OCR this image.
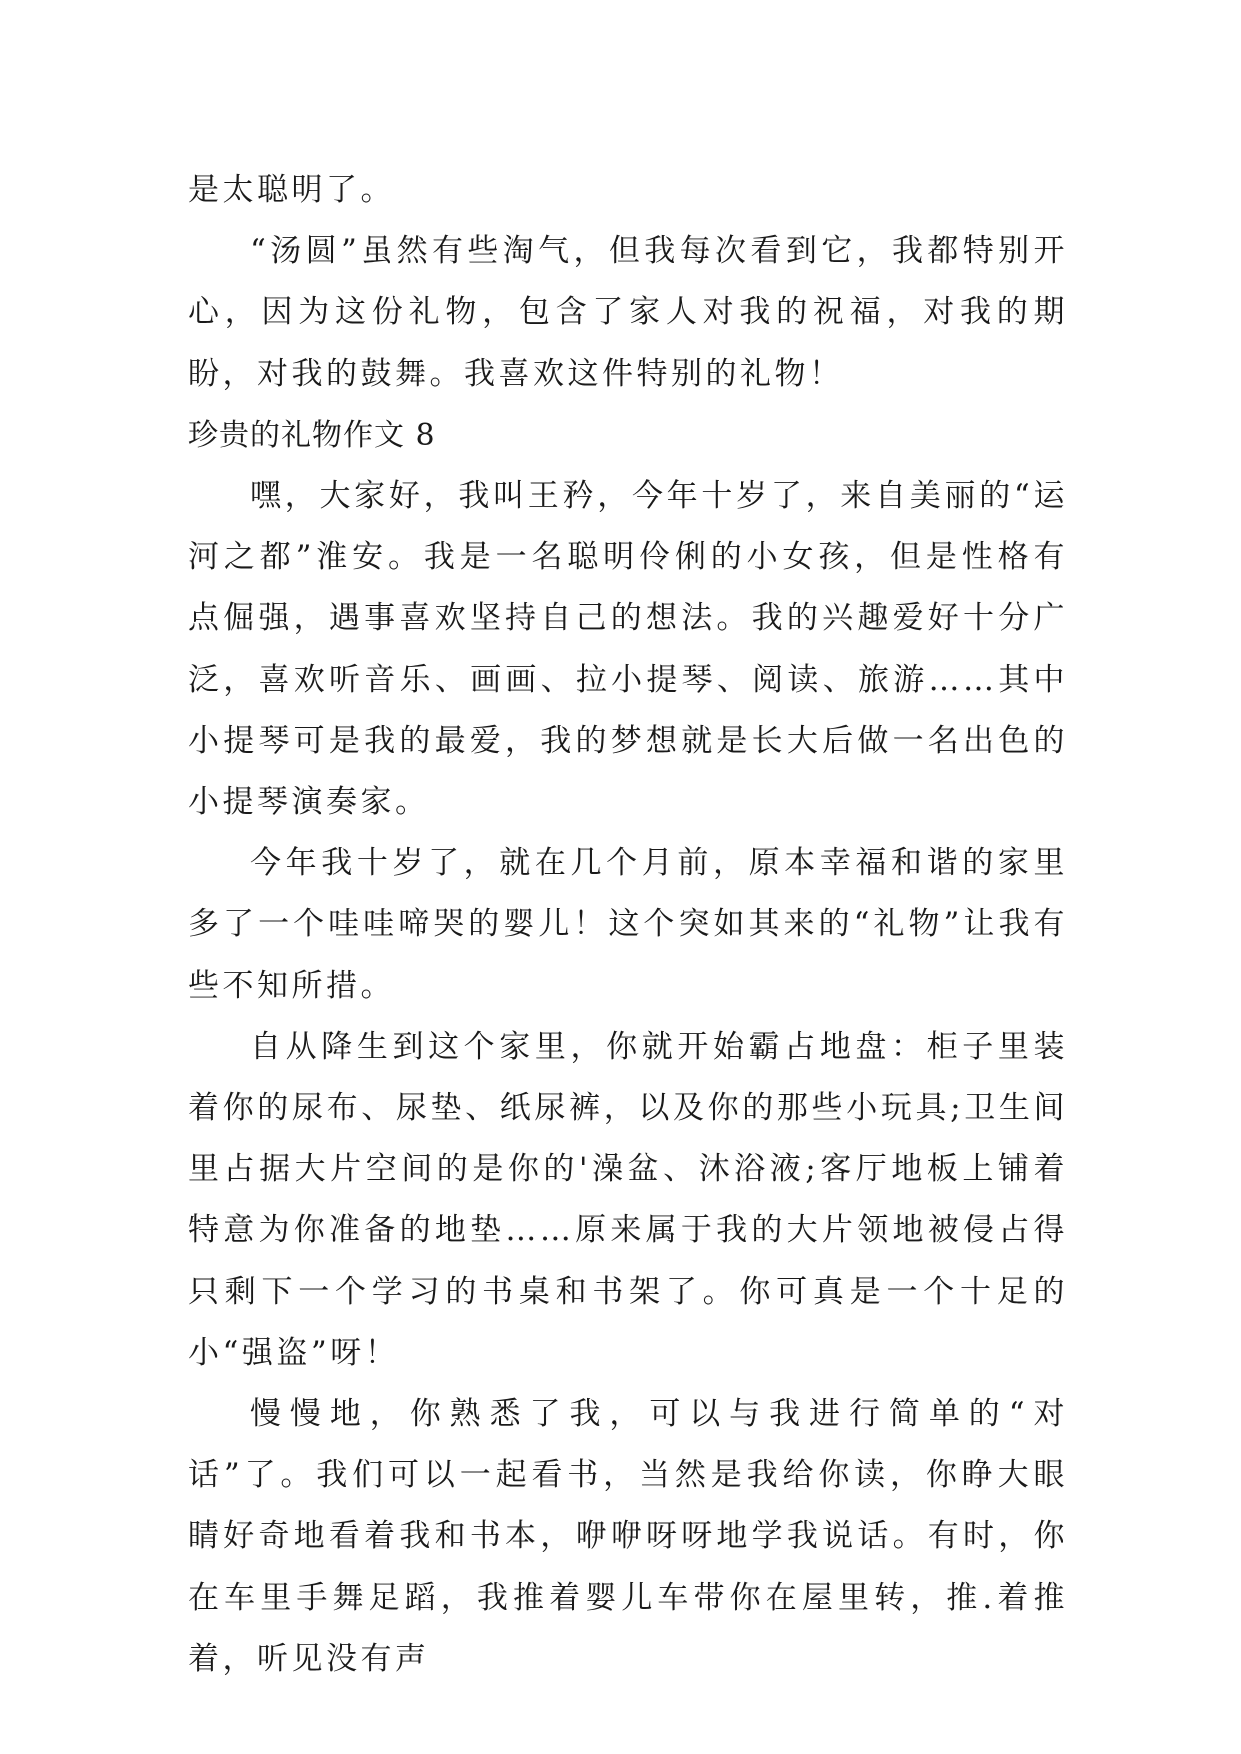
是太聪明了。

“汤圆”虽然有些淘气，但我每次看到它，我都特别开心，因为这份礼物，包含了家人对我的祝福，对我的期盼，对我的鼓舞。我喜欢这件特别的礼物！

珍贵的礼物作文 8

嘿，大家好，我叫王矜，今年十岁了，来自美丽的“运河之都”淮安。我是一名聪明伶俐的小女孩，但是性格有点倔强，遇事喜欢坚持自己的想法。我的兴趣爱好十分广泛，喜欢听音乐、画画、拉小提琴、阅读、旅游……其中小提琴可是我的最爱，我的梦想就是长大后做一名出色的小提琴演奏家。

今年我十岁了，就在几个月前，原本幸福和谐的家里多了一个哇哇啼哭的婴儿！这个突如其来的“礼物”让我有些不知所措。

自从降生到这个家里，你就开始霸占地盘：柜子里装着你的尿布、尿垫、纸尿裤，以及你的那些小玩具;卫生间里占据大片空间的是你的'澡盆、沐浴液;客厅地板上铺着特意为你准备的地垫……原来属于我的大片领地被侵占得只剩下一个学习的书桌和书架了。你可真是一个十足的小“强盗”呀！

慢慢地，你熟悉了我，可以与我进行简单的“对话”了。我们可以一起看书，当然是我给你读，你睁大眼睛好奇地看着我和书本，咿咿呀呀地学我说话。有时，你在车里手舞足蹈，我推着婴儿车带你在屋里转，推.着推着，听见没有声
